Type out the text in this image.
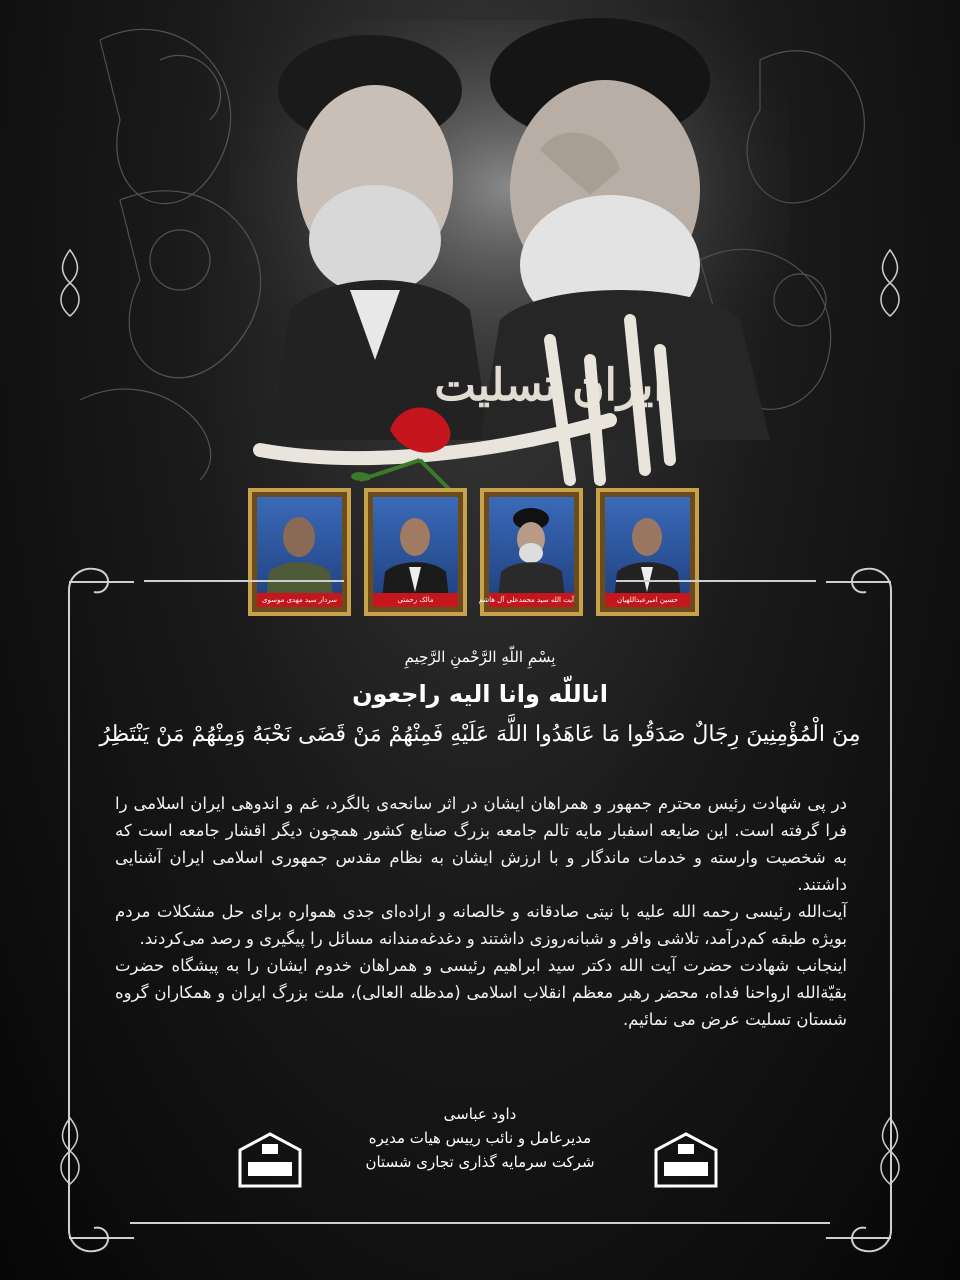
ایران تسلیت
سردار سید مهدی موسوی	مالک رحمتی	آیت الله سید محمدعلی آل هاشم	حسین امیرعبداللهیان
بِسْمِ اللّهِ الرَّحْمنِ الرَّحِيمِ
اناللّه وانا الیه راجعون
مِنَ الْمُؤْمِنِينَ رِجَالٌ صَدَقُوا مَا عَاهَدُوا اللَّهَ عَلَيْهِ فَمِنْهُمْ مَنْ قَضَى نَحْبَهُ وَمِنْهُمْ مَنْ يَنْتَظِرُ

در پی شهادت رئیس محترم جمهور و همراهان ایشان در اثر سانحه‌ی بالگرد، غم و اندوهی ایران اسلامی را فرا گرفته است. این ضایعه اسفبار مایه تالم جامعه بزرگ صنایع کشور همچون دیگر اقشار جامعه است که به شخصیت وارسته و خدمات ماندگار و با ارزش ایشان به نظام مقدس جمهوری اسلامی ایران آشنایی داشتند.

آیت‌الله رئیسی رحمه الله علیه با نیتی صادقانه و خالصانه و اراده‌ای جدی همواره برای حل مشکلات مردم بویژه طبقه کم‌درآمد، تلاشی وافر و شبانه‌روزی داشتند و دغدغه‌مندانه مسائل را پیگیری و رصد می‌کردند.

اینجانب شهادت حضرت آیت الله دکتر سید ابراهیم رئیسی و همراهان خدوم ایشان را به پیشگاه حضرت بقیّة‌الله ارواحنا فداه، محضر رهبر معظم انقلاب اسلامی (مدظله العالی)، ملت بزرگ ایران و همکاران گروه شستان تسلیت عرض می نمائیم.

داود عباسی
مدیرعامل و نائب رییس هیات مدیره
شرکت سرمایه گذاری تجاری شستان
